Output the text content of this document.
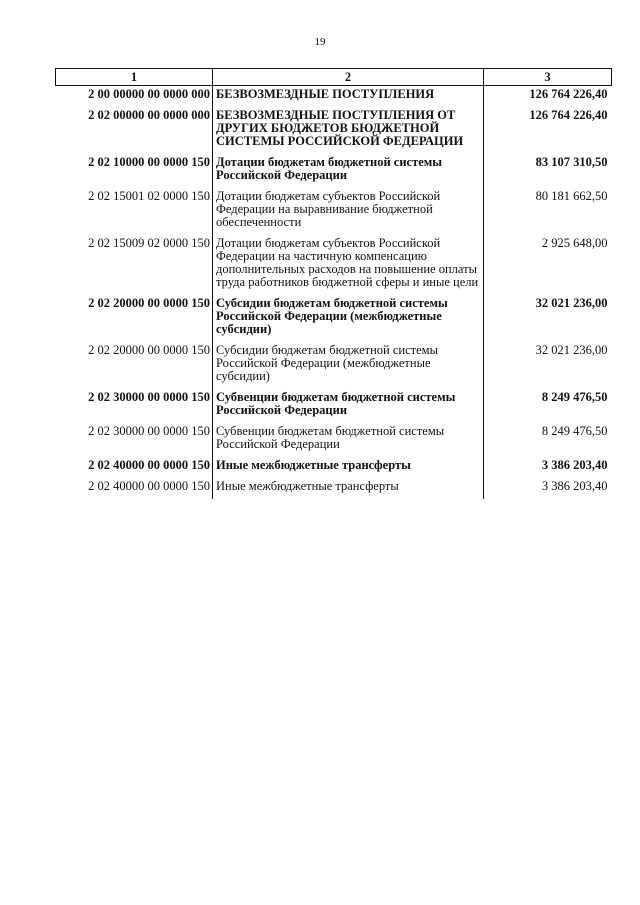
19
1	2	3
2 00 00000 00 0000 000	БЕЗВОЗМЕЗДНЫЕ ПОСТУПЛЕНИЯ	126 764 226,40
2 02 00000 00 0000 000	БЕЗВОЗМЕЗДНЫЕ ПОСТУПЛЕНИЯ ОТ ДРУГИХ БЮДЖЕТОВ БЮДЖЕТНОЙ СИСТЕМЫ РОССИЙСКОЙ ФЕДЕРАЦИИ	126 764 226,40
2 02 10000 00 0000 150	Дотации бюджетам бюджетной системы Российской Федерации	83 107 310,50
2 02 15001 02 0000 150	Дотации бюджетам субъектов Российской Федерации на выравнивание бюджетной обеспеченности	80 181 662,50
2 02 15009 02 0000 150	Дотации бюджетам субъектов Российской Федерации на частичную компенсацию дополнительных расходов на повышение оплаты труда работников бюджетной сферы и иные цели	2 925 648,00
2 02 20000 00 0000 150	Субсидии бюджетам бюджетной системы Российской Федерации (межбюджетные субсидии)	32 021 236,00
2 02 20000 00 0000 150	Субсидии бюджетам бюджетной системы Российской Федерации (межбюджетные субсидии)	32 021 236,00
2 02 30000 00 0000 150	Субвенции бюджетам бюджетной системы Российской Федерации	8 249 476,50
2 02 30000 00 0000 150	Субвенции бюджетам бюджетной системы Российской Федерации	8 249 476,50
2 02 40000 00 0000 150	Иные межбюджетные трансферты	3 386 203,40
2 02 40000 00 0000 150	Иные межбюджетные трансферты	3 386 203,40
